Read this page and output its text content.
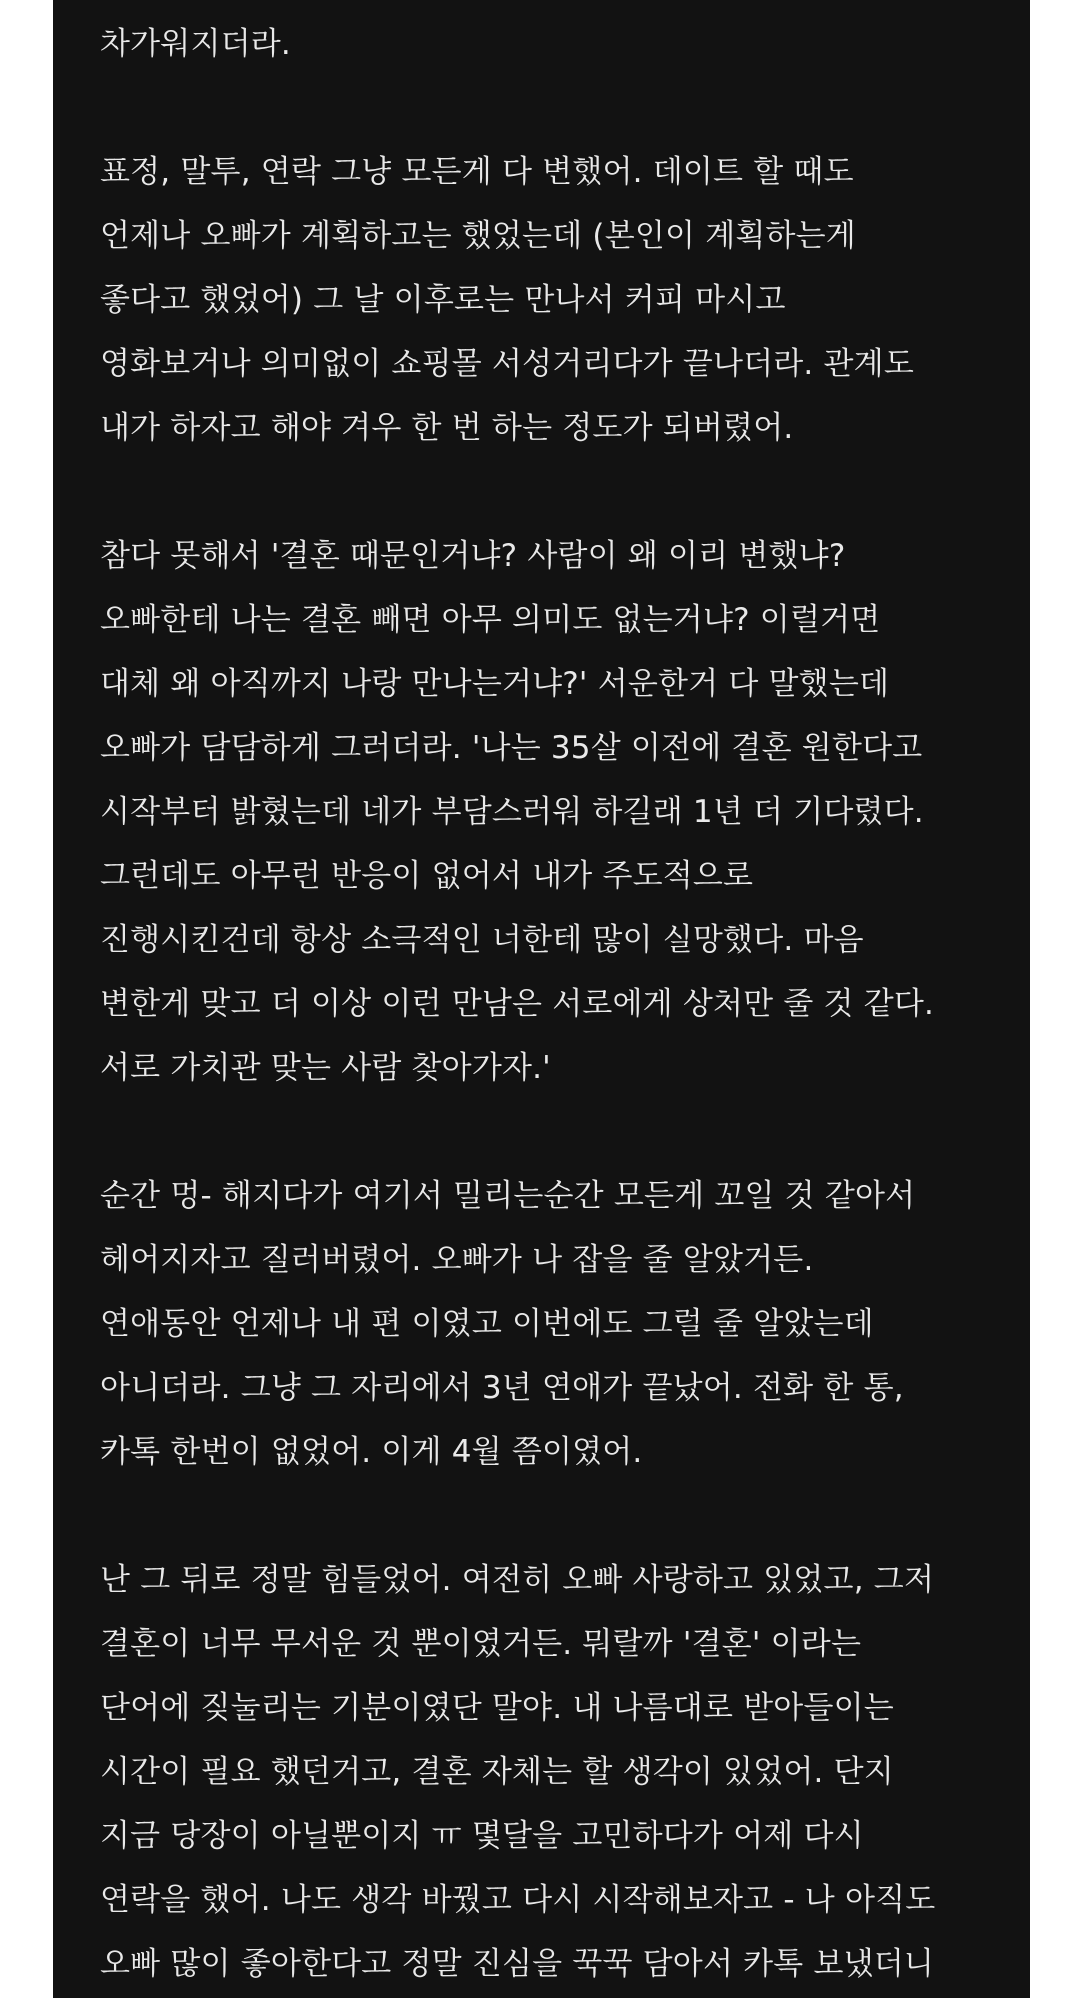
차가워지더라.
표정, 말투, 연락 그냥 모든게 다 변했어. 데이트 할 때도
언제나 오빠가 계획하고는 했었는데 (본인이 계획하는게
좋다고 했었어) 그 날 이후로는 만나서 커피 마시고
영화보거나 의미없이 쇼핑몰 서성거리다가 끝나더라. 관계도
내가 하자고 해야 겨우 한 번 하는 정도가 되버렸어.
참다 못해서 '결혼 때문인거냐? 사람이 왜 이리 변했냐?
오빠한테 나는 결혼 빼면 아무 의미도 없는거냐? 이럴거면
대체 왜 아직까지 나랑 만나는거냐?' 서운한거 다 말했는데
오빠가 담담하게 그러더라. '나는 35살 이전에 결혼 원한다고
시작부터 밝혔는데 네가 부담스러워 하길래 1년 더 기다렸다.
그런데도 아무런 반응이 없어서 내가 주도적으로
진행시킨건데 항상 소극적인 너한테 많이 실망했다. 마음
변한게 맞고 더 이상 이런 만남은 서로에게 상처만 줄 것 같다.
서로 가치관 맞는 사람 찾아가자.'
순간 멍- 해지다가 여기서 밀리는순간 모든게 꼬일 것 같아서
헤어지자고 질러버렸어. 오빠가 나 잡을 줄 알았거든.
연애동안 언제나 내 편 이였고 이번에도 그럴 줄 알았는데
아니더라. 그냥 그 자리에서 3년 연애가 끝났어. 전화 한 통,
카톡 한번이 없었어. 이게 4월 쯤이였어.
난 그 뒤로 정말 힘들었어. 여전히 오빠 사랑하고 있었고, 그저
결혼이 너무 무서운 것 뿐이였거든. 뭐랄까 '결혼' 이라는
단어에 짖눌리는 기분이였단 말야. 내 나름대로 받아들이는
시간이 필요 했던거고, 결혼 자체는 할 생각이 있었어. 단지
지금 당장이 아닐뿐이지 ㅠ 몇달을 고민하다가 어제 다시
연락을 했어. 나도 생각 바꿨고 다시 시작해보자고 - 나 아직도
오빠 많이 좋아한다고 정말 진심을 꾹꾹 담아서 카톡 보냈더니
